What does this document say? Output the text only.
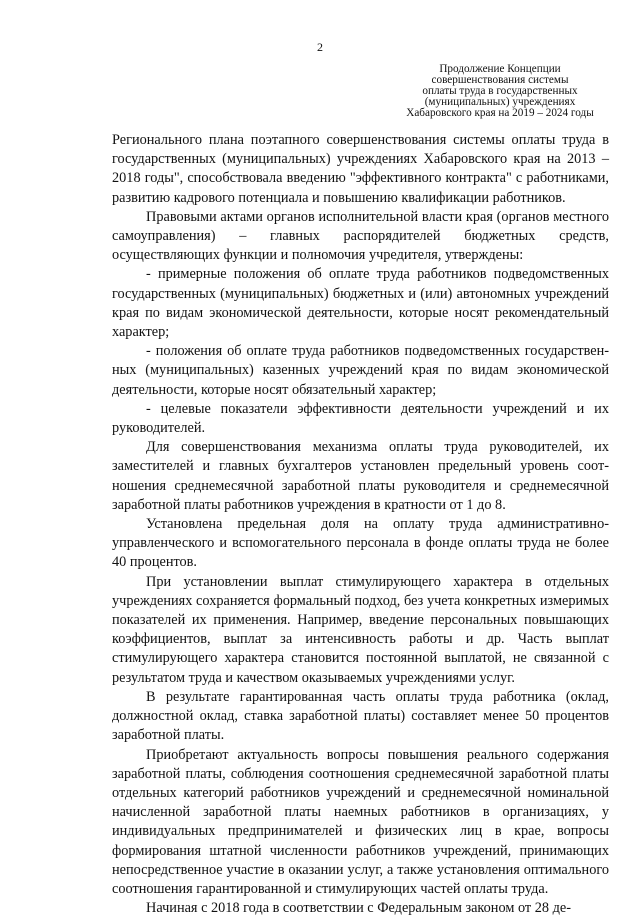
2
Продолжение Концепции
совершенствования системы
оплаты труда в государственных
(муниципальных) учреждениях
Хабаровского края на 2019 – 2024 годы

Регионального плана поэтапного совершенствования системы оплаты труда в государственных (муниципальных) учреждениях Хабаровского края на 2013 – 2018 годы", способствовала введению "эффективного контракта" с работниками, развитию кадрового потенциала и повышению квалификации работников.

Правовыми актами органов исполнительной власти края (органов местного самоуправления) – главных распорядителей бюджетных средств, осуществляющих функции и полномочия учредителя, утверждены:

- примерные положения об оплате труда работников подведомственных государственных (муниципальных) бюджетных и (или) автономных учреждений края по видам экономической деятельности, которые носят рекомендательный характер;

- положения об оплате труда работников подведомственных государственных (муниципальных) казенных учреждений края по видам экономической деятельности, которые носят обязательный характер;

- целевые показатели эффективности деятельности учреждений и их руководителей.

Для совершенствования механизма оплаты труда руководителей, их заместителей и главных бухгалтеров установлен предельный уровень соотношения среднемесячной заработной платы руководителя и среднемесячной заработной платы работников учреждения в кратности от 1 до 8.

Установлена предельная доля на оплату труда административно-управленческого и вспомогательного персонала в фонде оплаты труда не более 40 процентов.

При установлении выплат стимулирующего характера в отдельных учреждениях сохраняется формальный подход, без учета конкретных измеримых показателей их применения. Например, введение персональных повышающих коэффициентов, выплат за интенсивность работы и др. Часть выплат стимулирующего характера становится постоянной выплатой, не связанной с результатом труда и качеством оказываемых учреждениями услуг.

В результате гарантированная часть оплаты труда работника (оклад, должностной оклад, ставка заработной платы) составляет менее 50 процентов заработной платы.

Приобретают актуальность вопросы повышения реального содержания заработной платы, соблюдения соотношения среднемесячной заработной платы отдельных категорий работников учреждений и среднемесячной номинальной начисленной заработной платы наемных работников в организациях, у индивидуальных предпринимателей и физических лиц в крае, вопросы формирования штатной численности работников учреждений, принимающих непосредственное участие в оказании услуг, а также установления оптимального соотношения гарантированной и стимулирующих частей оплаты труда.

Начиная с 2018 года в соответствии с Федеральным законом от 28 де-
